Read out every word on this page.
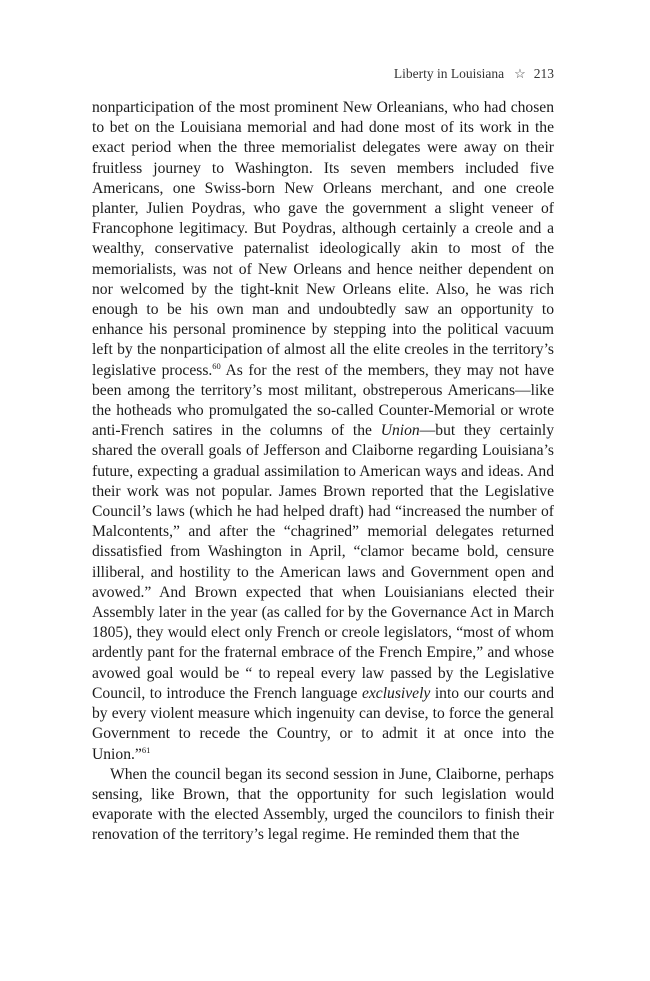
Liberty in Louisiana ☆ 213

nonparticipation of the most prominent New Orleanians, who had chosen to bet on the Louisiana memorial and had done most of its work in the exact period when the three memorialist delegates were away on their fruitless journey to Washington. Its seven members included five Americans, one Swiss-born New Orleans merchant, and one creole planter, Julien Poydras, who gave the government a slight veneer of Francophone legitimacy. But Poydras, although certainly a creole and a wealthy, conservative paternalist ideologically akin to most of the memorialists, was not of New Orleans and hence neither dependent on nor welcomed by the tight-knit New Orleans elite. Also, he was rich enough to be his own man and undoubtedly saw an opportunity to enhance his personal prominence by stepping into the political vacuum left by the nonparticipation of almost all the elite creoles in the territory’s legislative process.$^{60}$ As for the rest of the members, they may not have been among the territory’s most militant, obstreperous Americans—like the hotheads who promulgated the so-called Counter-Memorial or wrote anti-French satires in the columns of the Union—but they certainly shared the overall goals of Jefferson and Claiborne regarding Louisiana’s future, expecting a gradual assimilation to American ways and ideas. And their work was not popular. James Brown reported that the Legislative Council’s laws (which he had helped draft) had “increased the number of Malcontents,” and after the “chagrined” memorial delegates returned dissatisfied from Washington in April, “clamor became bold, censure illiberal, and hostility to the American laws and Government open and avowed.” And Brown expected that when Louisianians elected their Assembly later in the year (as called for by the Governance Act in March 1805), they would elect only French or creole legislators, “most of whom ardently pant for the fraternal embrace of the French Empire,” and whose avowed goal would be “ to repeal every law passed by the Legislative Council, to introduce the French language exclusively into our courts and by every violent measure which ingenuity can devise, to force the general Government to recede the Country, or to admit it at once into the Union.”$^{61}$

When the council began its second session in June, Claiborne, perhaps sensing, like Brown, that the opportunity for such legislation would evaporate with the elected Assembly, urged the councilors to finish their renovation of the territory’s legal regime. He reminded them that the
